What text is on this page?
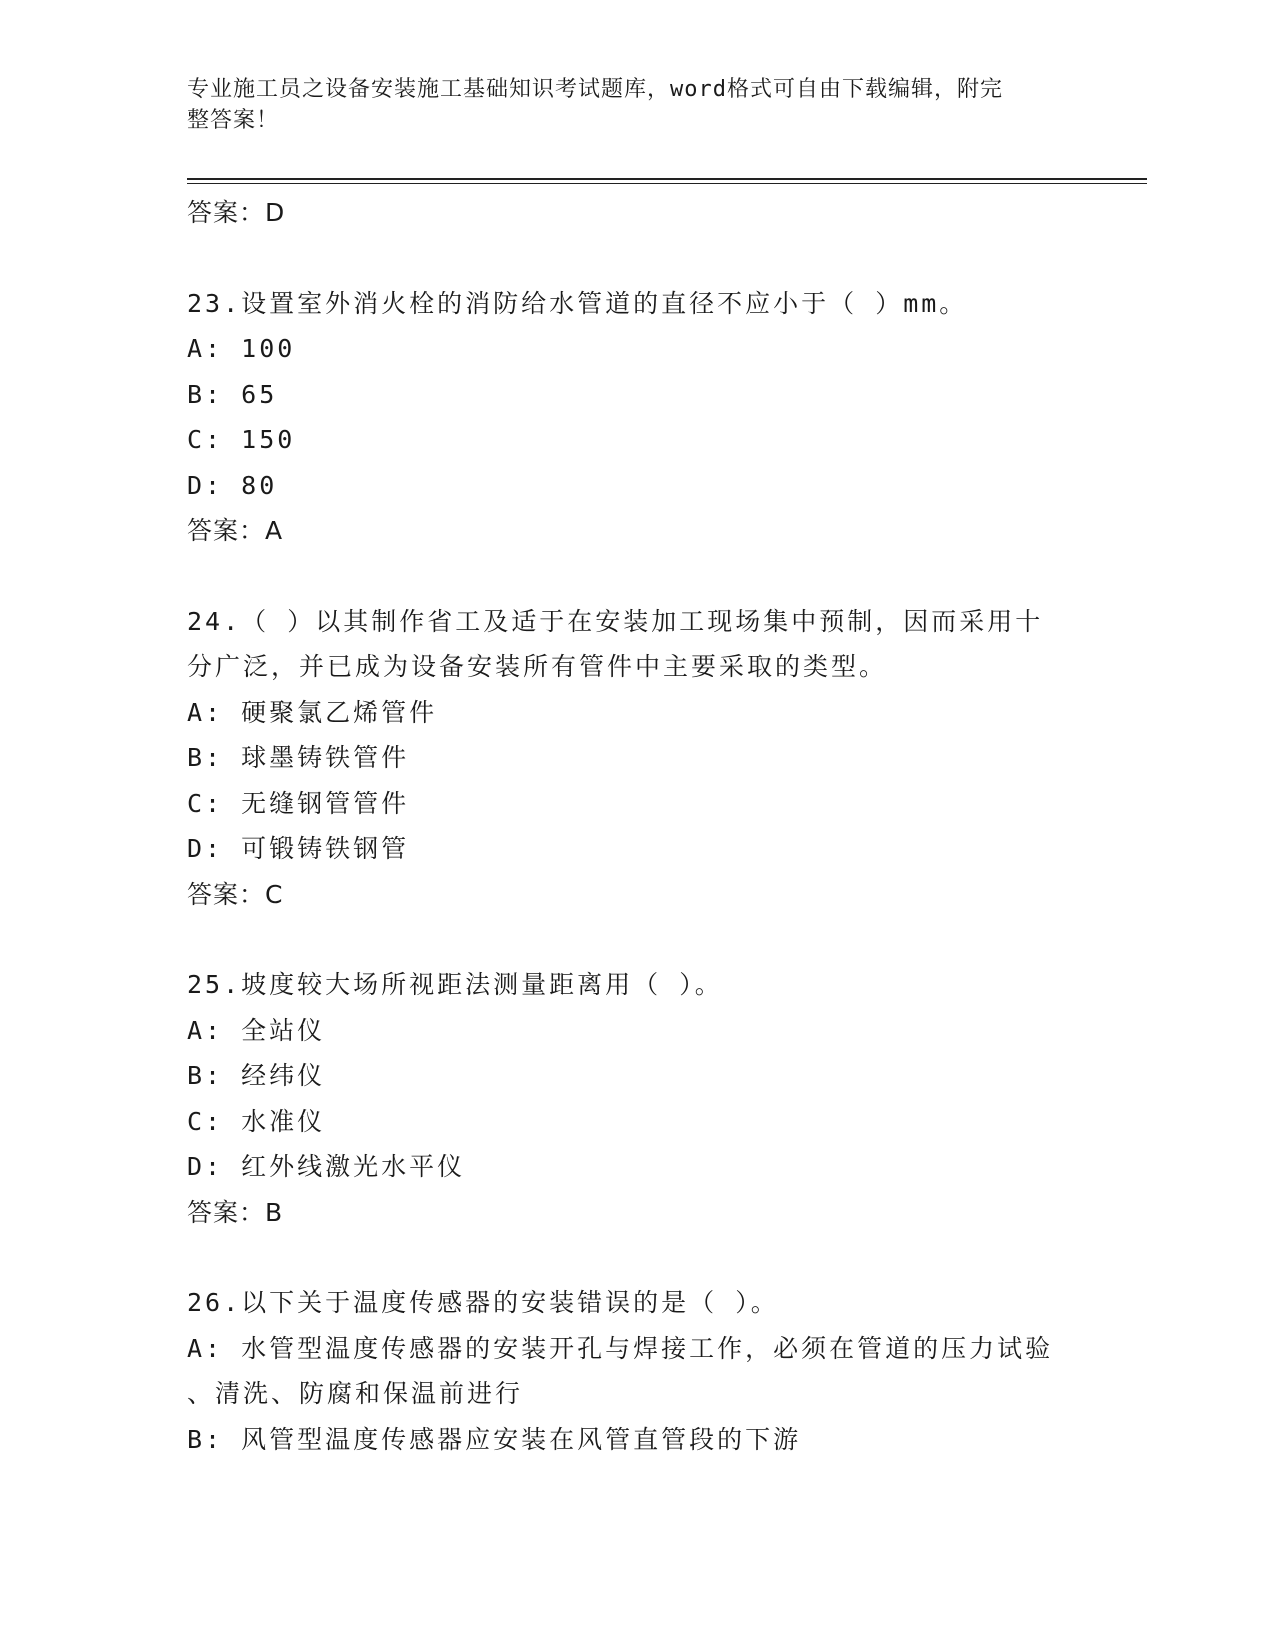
专业施工员之设备安装施工基础知识考试题库，word格式可自由下载编辑，附完
整答案！
答案：D
23.设置室外消火栓的消防给水管道的直径不应小于（ ）mm。
A: 100
B: 65
C: 150
D: 80
答案：A
24.（ ）以其制作省工及适于在安装加工现场集中预制，因而采用十
分广泛，并已成为设备安装所有管件中主要采取的类型。
A: 硬聚氯乙烯管件
B: 球墨铸铁管件
C: 无缝钢管管件
D: 可锻铸铁钢管
答案：C
25.坡度较大场所视距法测量距离用（ ）。
A: 全站仪
B: 经纬仪
C: 水准仪
D: 红外线激光水平仪
答案：B
26.以下关于温度传感器的安装错误的是（ ）。
A: 水管型温度传感器的安装开孔与焊接工作，必须在管道的压力试验
、清洗、防腐和保温前进行
B: 风管型温度传感器应安装在风管直管段的下游
